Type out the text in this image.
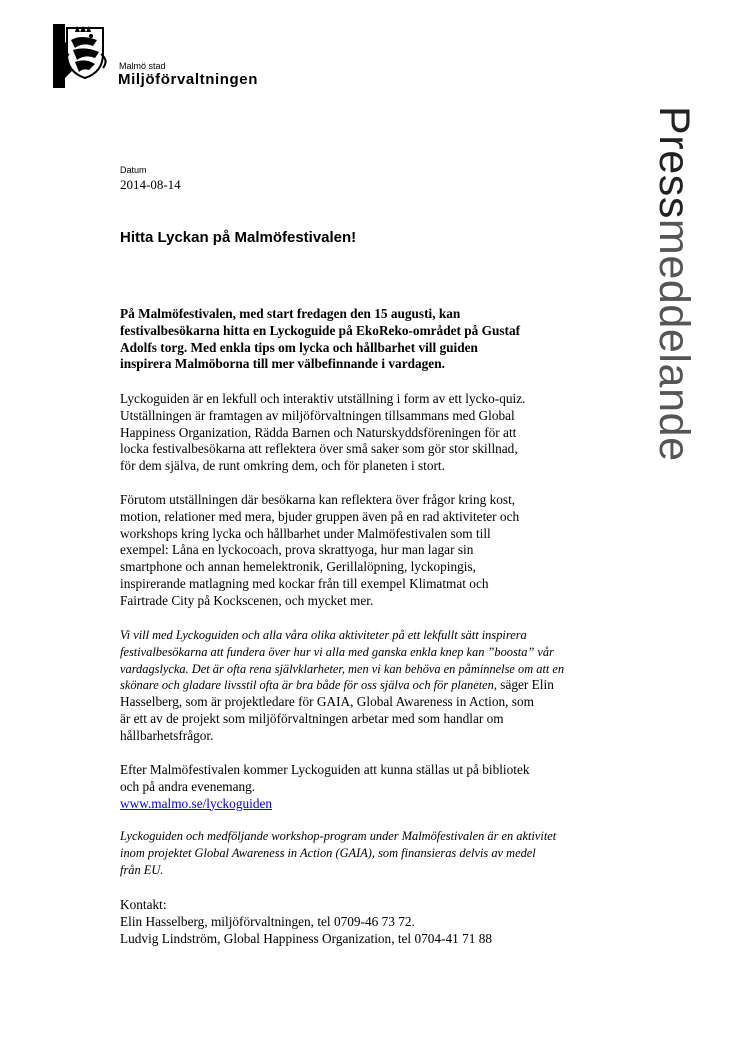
Malmö stad
Miljöförvaltningen
Pressmeddelande
Datum
2014-08-14
Hitta Lyckan på Malmöfestivalen!
På Malmöfestivalen, med start fredagen den 15 augusti, kan
festivalbesökarna hitta en Lyckoguide på EkoReko-området på Gustaf
Adolfs torg. Med enkla tips om lycka och hållbarhet vill guiden
inspirera Malmöborna till mer välbefinnande i vardagen.
Lyckoguiden är en lekfull och interaktiv utställning i form av ett lycko-quiz.
Utställningen är framtagen av miljöförvaltningen tillsammans med Global
Happiness Organization, Rädda Barnen och Naturskyddsföreningen för att
locka festivalbesökarna att reflektera över små saker som gör stor skillnad,
för dem själva, de runt omkring dem, och för planeten i stort.
Förutom utställningen där besökarna kan reflektera över frågor kring kost,
motion, relationer med mera, bjuder gruppen även på en rad aktiviteter och
workshops kring lycka och hållbarhet under Malmöfestivalen som till
exempel: Låna en lyckocoach, prova skrattyoga, hur man lagar sin
smartphone och annan hemelektronik, Gerillalöpning, lyckopingis,
inspirerande matlagning med kockar från till exempel Klimatmat och
Fairtrade City på Kockscenen, och mycket mer.
Vi vill med Lyckoguiden och alla våra olika aktiviteter på ett lekfullt sätt inspirera
festivalbesökarna att fundera över hur vi alla med ganska enkla knep kan ”boosta” vår
vardagslycka. Det är ofta rena självklarheter, men vi kan behöva en påminnelse om att en
skönare och gladare livsstil ofta är bra både för oss själva och för planeten, säger Elin
Hasselberg, som är projektledare för GAIA, Global Awareness in Action, som
är ett av de projekt som miljöförvaltningen arbetar med som handlar om
hållbarhetsfrågor.
Efter Malmöfestivalen kommer Lyckoguiden att kunna ställas ut på bibliotek
och på andra evenemang.
www.malmo.se/lyckoguiden
Lyckoguiden och medföljande workshop-program under Malmöfestivalen är en aktivitet
inom projektet Global Awareness in Action (GAIA), som finansieras delvis av medel
från EU.
Kontakt:
Elin Hasselberg, miljöförvaltningen, tel 0709-46 73 72.
Ludvig Lindström, Global Happiness Organization, tel 0704-41 71 88
